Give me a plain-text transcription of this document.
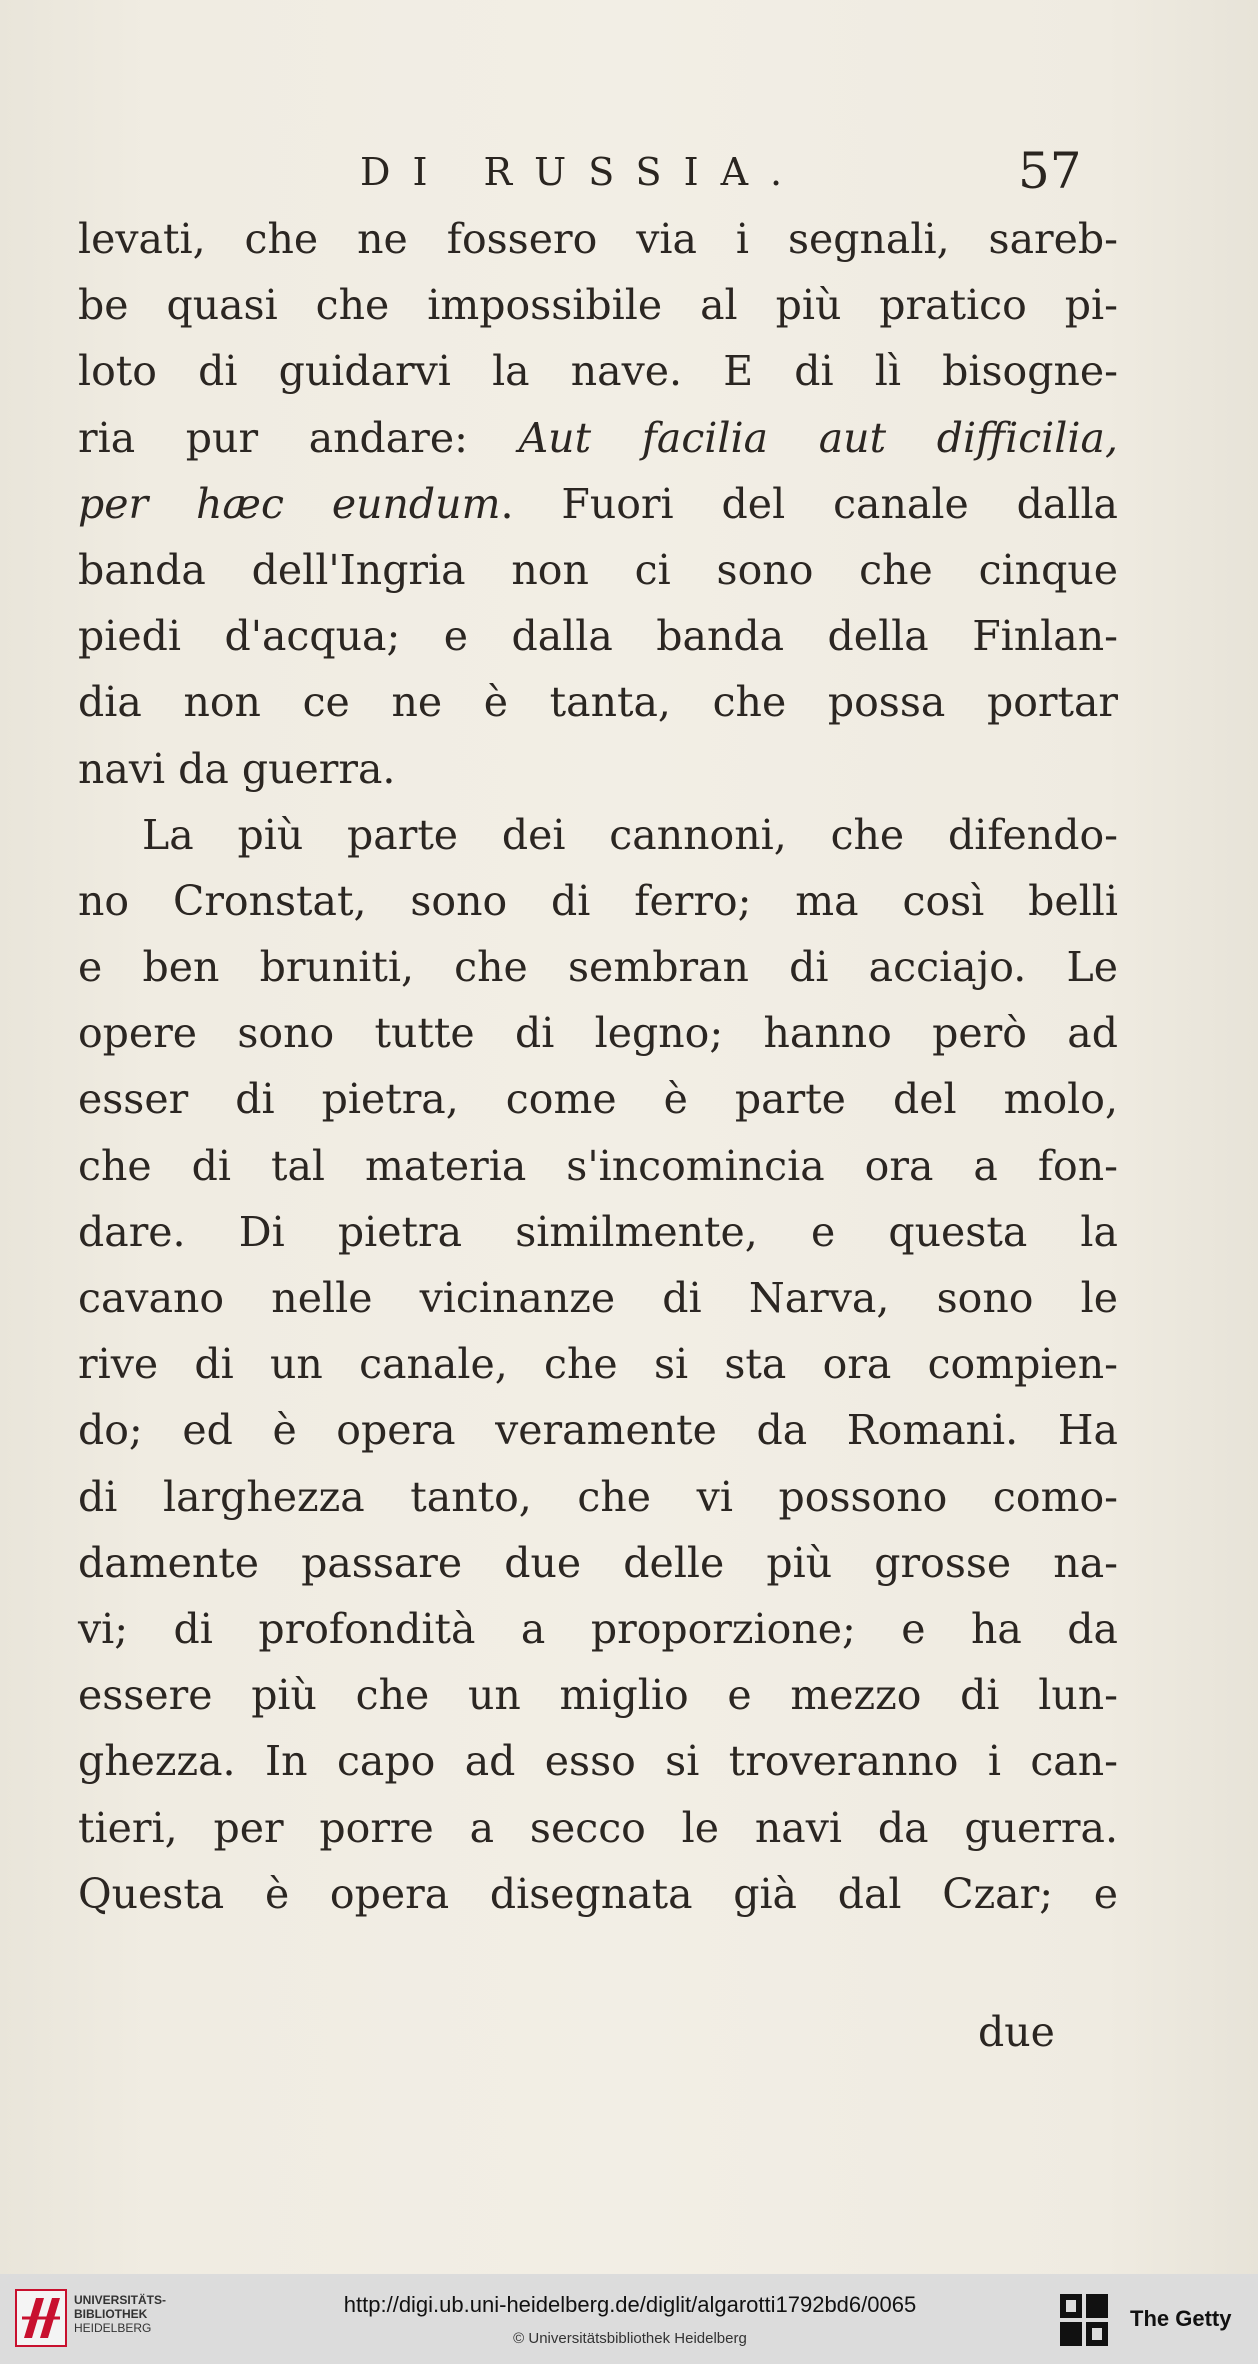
DI RUSSIA.	57
levati, che ne fossero via i segnali, sareb-
be quasi che impossibile al più pratico pi-
loto di guidarvi la nave. E di lì bisogne-
ria pur andare: Aut facilia aut difficilia,
per hæc eundum. Fuori del canale dalla
banda dell'Ingria non ci sono che cinque
piedi d'acqua; e dalla banda della Finlan-
dia non ce ne è tanta, che possa portar
navi da guerra.
La più parte dei cannoni, che difendo-
no Cronstat, sono di ferro; ma così belli
e ben bruniti, che sembran di acciajo. Le
opere sono tutte di legno; hanno però ad
esser di pietra, come è parte del molo,
che di tal materia s'incomincia ora a fon-
dare. Di pietra similmente, e questa la
cavano nelle vicinanze di Narva, sono le
rive di un canale, che si sta ora compien-
do; ed è opera veramente da Romani. Ha
di larghezza tanto, che vi possono como-
damente passare due delle più grosse na-
vi; di profondità a proporzione; e ha da
essere più che un miglio e mezzo di lun-
ghezza. In capo ad esso si troveranno i can-
tieri, per porre a secco le navi da guerra.
Questa è opera disegnata già dal Czar; e
due
UNIVERSITÄTS-
BIBLIOTHEK
HEIDELBERG
http://digi.ub.uni-heidelberg.de/diglit/algarotti1792bd6/0065
© Universitätsbibliothek Heidelberg
The Getty
